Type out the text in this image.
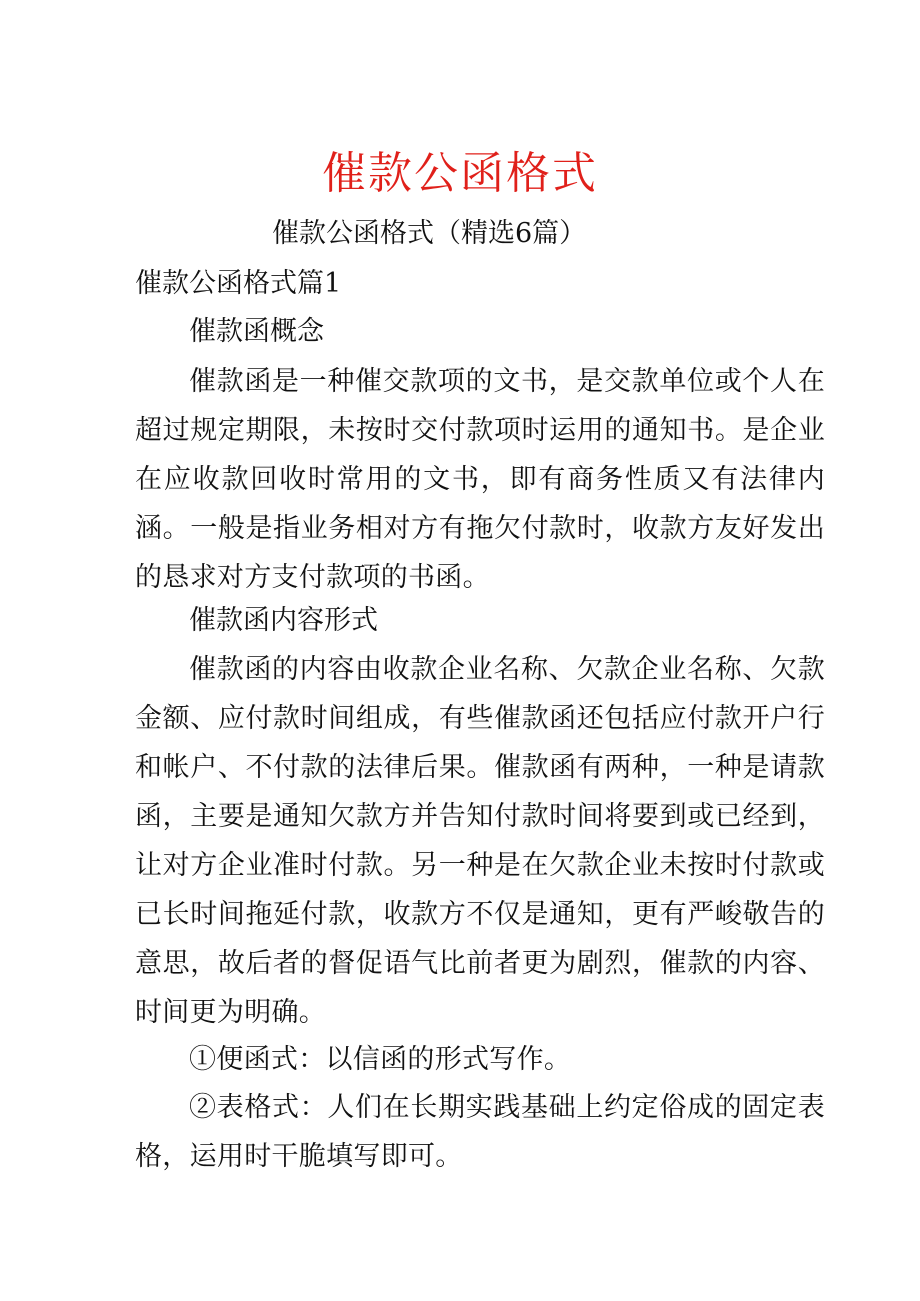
催款公函格式
催款公函格式（精选6篇）
催款公函格式篇1
催款函概念

催款函是一种催交款项的文书，是交款单位或个人在超过规定期限，未按时交付款项时运用的通知书。是企业在应收款回收时常用的文书，即有商务性质又有法律内涵。一般是指业务相对方有拖欠付款时，收款方友好发出的恳求对方支付款项的书函。

催款函内容形式

催款函的内容由收款企业名称、欠款企业名称、欠款金额、应付款时间组成，有些催款函还包括应付款开户行和帐户、不付款的法律后果。催款函有两种，一种是请款函，主要是通知欠款方并告知付款时间将要到或已经到，让对方企业准时付款。另一种是在欠款企业未按时付款或已长时间拖延付款，收款方不仅是通知，更有严峻敬告的意思，故后者的督促语气比前者更为剧烈，催款的内容、时间更为明确。

①便函式：以信函的形式写作。

②表格式：人们在长期实践基础上约定俗成的固定表格，运用时干脆填写即可。
